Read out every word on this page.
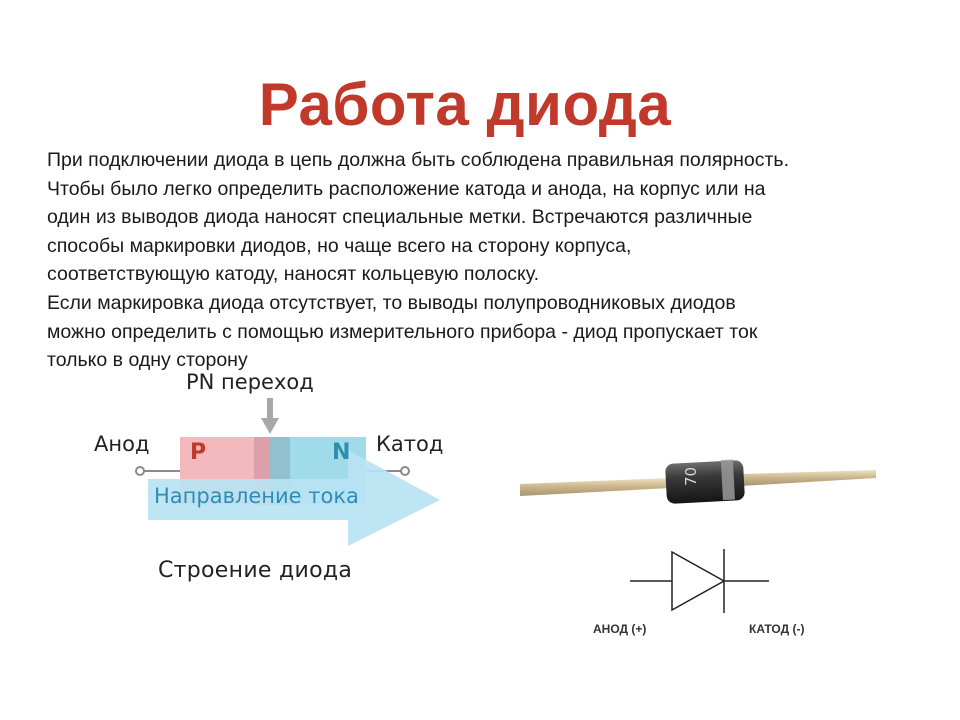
Работа диода
При подключении диода в цепь должна быть соблюдена правильная полярность.
Чтобы было легко определить расположение катода и анода, на корпус или на
один из выводов диода наносят специальные метки. Встречаются различные
способы маркировки диодов, но чаще всего на сторону корпуса,
соответствующую катоду, наносят кольцевую полоску.
Если маркировка диода отсутствует, то выводы полупроводниковых диодов
можно определить с помощью измерительного прибора - диод пропускает ток
только в одну сторону
PN переход
Анод	Катод
P	N
Направление тока
Строение диода
70
АНОД (+)	КАТОД (-)
